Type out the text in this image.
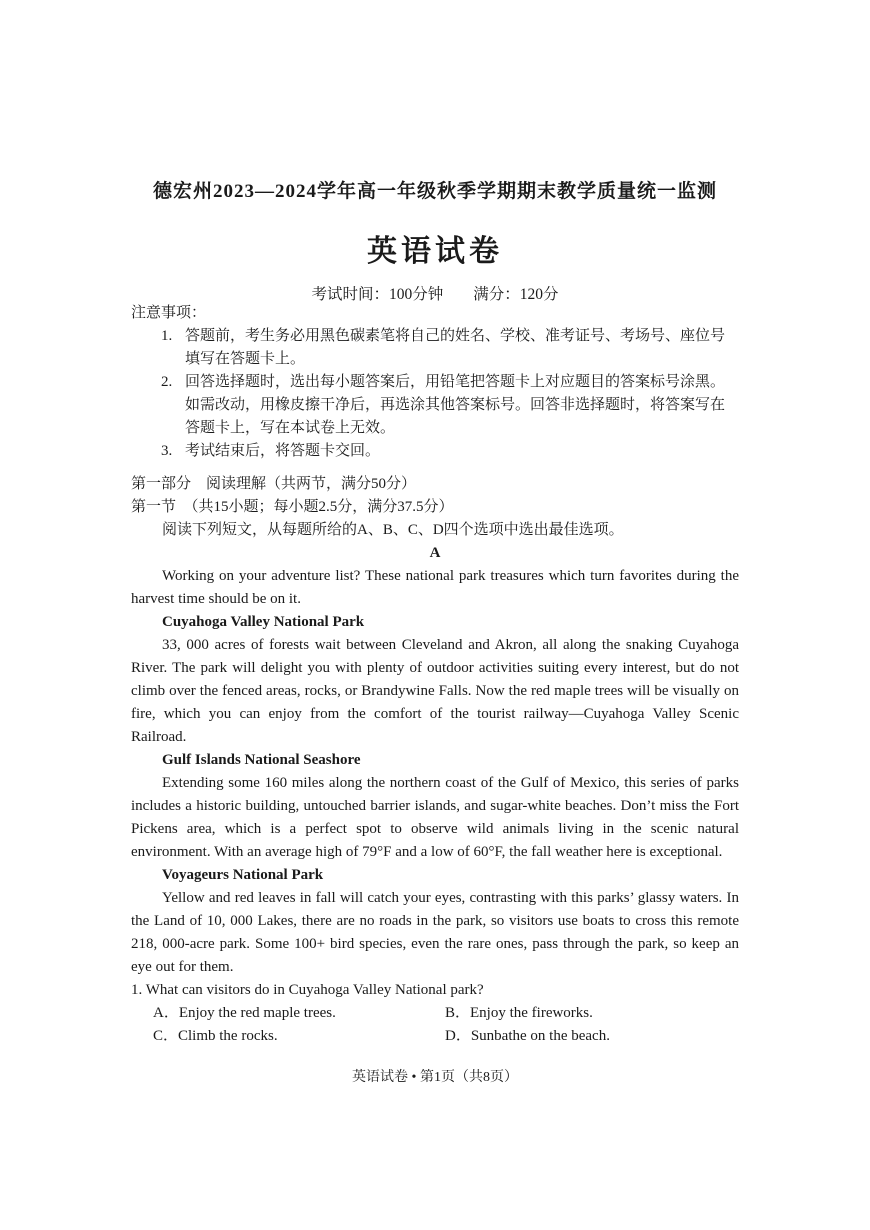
德宏州2023—2024学年高一年级秋季学期期末教学质量统一监测
英语试卷
考试时间：100分钟 满分：120分

注意事项：

1. 答题前，考生务必用黑色碳素笔将自己的姓名、学校、准考证号、考场号、座位号填写在答题卡上。
2. 回答选择题时，选出每小题答案后，用铅笔把答题卡上对应题目的答案标号涂黑。如需改动，用橡皮擦干净后，再选涂其他答案标号。回答非选择题时，将答案写在答题卡上，写在本试卷上无效。
3. 考试结束后，将答题卡交回。

第一部分　阅读理解（共两节，满分50分）

第一节　（共15小题；每小题2.5分，满分37.5分）

阅读下列短文，从每题所给的A、B、C、D四个选项中选出最佳选项。

A

Working on your adventure list? These national park treasures which turn favorites during the harvest time should be on it.

Cuyahoga Valley National Park

33, 000 acres of forests wait between Cleveland and Akron, all along the snaking Cuyahoga River. The park will delight you with plenty of outdoor activities suiting every interest, but do not climb over the fenced areas, rocks, or Brandywine Falls. Now the red maple trees will be visually on fire, which you can enjoy from the comfort of the tourist railway—Cuyahoga Valley Scenic Railroad.

Gulf Islands National Seashore

Extending some 160 miles along the northern coast of the Gulf of Mexico, this series of parks includes a historic building, untouched barrier islands, and sugar-white beaches. Don’t miss the Fort Pickens area, which is a perfect spot to observe wild animals living in the scenic natural environment. With an average high of 79°F and a low of 60°F, the fall weather here is exceptional.

Voyageurs National Park

Yellow and red leaves in fall will catch your eyes, contrasting with this parks’ glassy waters. In the Land of 10, 000 Lakes, there are no roads in the park, so visitors use boats to cross this remote 218, 000-acre park. Some 100+ bird species, even the rare ones, pass through the park, so keep an eye out for them.

1. What can visitors do in Cuyahoga Valley National park?

A．Enjoy the red maple trees.	B．Enjoy the fireworks.
C．Climb the rocks.	D．Sunbathe on the beach.
英语试卷 • 第1页（共8页）
